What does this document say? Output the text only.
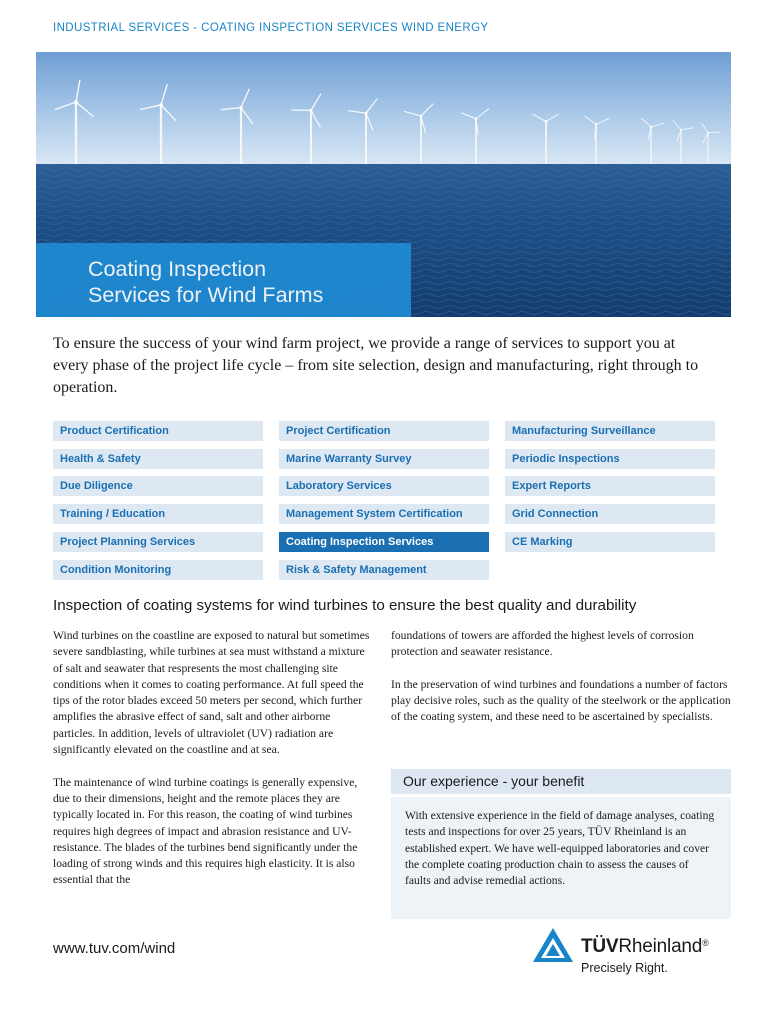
INDUSTRIAL SERVICES - COATING INSPECTION SERVICES WIND ENERGY
Coating Inspection
Services for Wind Farms
To ensure the success of your wind farm project, we provide a range of services to support you at every phase of the project life cycle – from site selection, design and manufacturing, right through to operation.
Product Certification
Health & Safety
Due Diligence
Training / Education
Project Planning Services
Condition Monitoring
Project Certification
Marine Warranty Survey
Laboratory Services
Management System Certification
Coating Inspection Services
Risk & Safety Management
Manufacturing Surveillance
Periodic Inspections
Expert Reports
Grid Connection
CE Marking
Inspection of coating systems for wind turbines to ensure the best quality and durability

Wind turbines on the coastline are exposed to natural but sometimes severe sandblasting, while turbines at sea must withstand a mixture of salt and seawater that respresents the most challenging site conditions when it comes to coating performance. At full speed the tips of the rotor blades exceed 50 meters per second, which further amplifies the abrasive effect of sand, salt and other airborne particles. In addition, levels of ultraviolet (UV) radiation are significantly elevated on the coastline and at sea.

The maintenance of wind turbine coatings is generally expensive, due to their dimensions, height and the remote places they are typically located in. For this reason, the coating of wind turbines requires high degrees of impact and abrasion resistance and UV-resistance. The blades of the turbines bend significantly under the loading of strong winds and this requires high elasticity. It is also essential that the

foundations of towers are afforded the highest levels of corrosion protection and seawater resistance.

In the preservation of wind turbines and foundations a number of factors play decisive roles, such as the quality of the steelwork or the application of the coating system, and these need to be ascertained by specialists.

Our experience - your benefit
With extensive experience in the field of damage analyses, coating tests and inspections for over 25 years, TÜV Rheinland is an established expert. We have well-equipped laboratories and cover the complete coating production chain to assess the causes of faults and advise remedial actions.
www.tuv.com/wind	TÜVRheinland®
Precisely Right.
